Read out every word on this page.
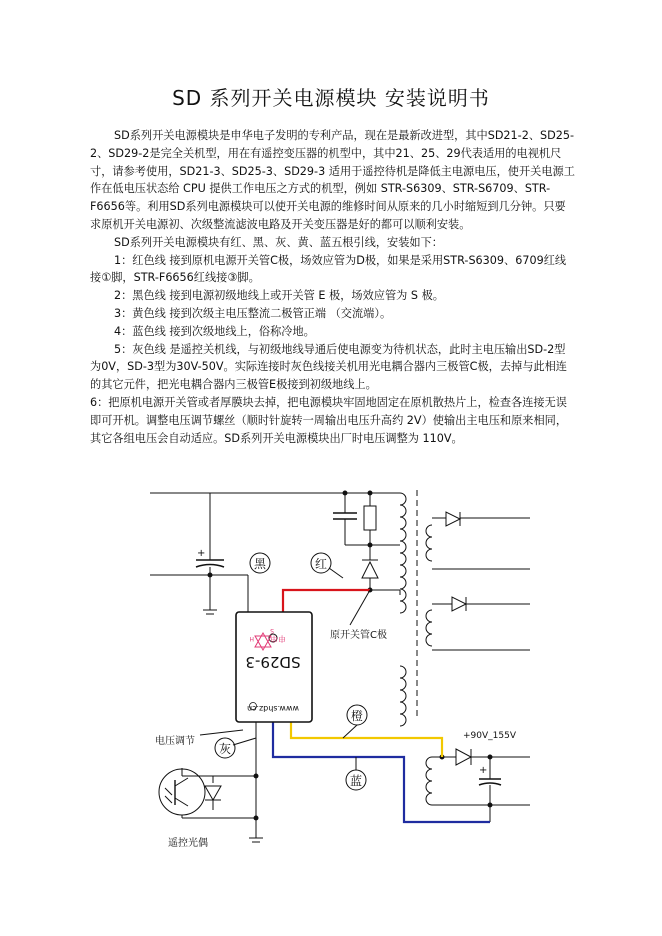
SD 系列开关电源模块 安装说明书

SD系列开关电源模块是申华电子发明的专利产品，现在是最新改进型，其中SD21-2、SD25-2、SD29-2是完全关机型，用在有遥控变压器的机型中，其中21、25、29代表适用的电视机尺寸，请参考使用，SD21-3、SD25-3、SD29-3 适用于遥控待机是降低主电源电压，使开关电源工作在低电压状态给 CPU 提供工作电压之方式的机型，例如 STR-S6309、STR-S6709、STR-F6656等。利用SD系列电源模块可以使开关电源的维修时间从原来的几小时缩短到几分钟。只要求原机开关电源初、次级整流滤波电路及开关变压器是好的都可以顺利安装。

SD系列开关电源模块有红、黑、灰、黄、蓝五根引线，安装如下：

1：红色线 接到原机电源开关管C极，场效应管为D极，如果是采用STR-S6309、6709红线接①脚，STR-F6656红线接③脚。

2：黑色线 接到电源初级地线上或开关管 E 极，场效应管为 S 极。

3：黄色线 接到次级主电压整流二极管正端 （交流端）。

4：蓝色线 接到次级地线上，俗称冷地。

5：灰色线 是遥控关机线，与初级地线导通后使电源变为待机状态，此时主电压输出SD-2型为0V，SD-3型为30V-50V。实际连接时灰色线接关机用光电耦合器内三极管C极，去掉与此相连的其它元件，把光电耦合器内三极管E极接到初级地线上。

6：把原机电源开关管或者厚膜块去掉，把电源模块牢固地固定在原机散热片上，检查各连接无误即可开机。调整电压调节螺丝（顺时针旋转一周输出电压升高约 2V）使输出主电压和原来相同，其它各组电压会自动适应。SD系列开关电源模块出厂时电压调整为 110V。

+
+
+90V_155V
www.shdz.cn
SD29-3
申申
H
S
黑	红
橙
灰
蓝
原开关管C极
电压调节
遥控光偶
